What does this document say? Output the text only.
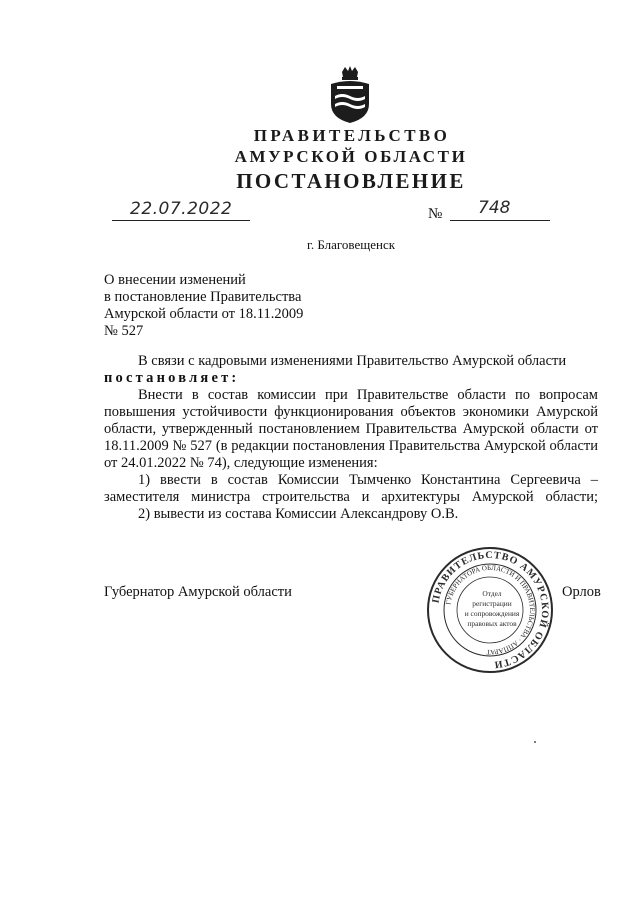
ПРАВИТЕЛЬСТВО
АМУРСКОЙ ОБЛАСТИ
ПОСТАНОВЛЕНИЕ
22.07.2022	№ 748
г. Благовещенск
О внесении изменений
в постановление Правительства
Амурской области от 18.11.2009
№ 527

В связи с кадровыми изменениями Правительство Амурской области

постановляет:

Внести в состав комиссии при Правительстве области по вопросам повышения устойчивости функционирования объектов экономики Амурской области, утвержденный постановлением Правительства Амурской области от 18.11.2009 № 527 (в редакции постановления Правительства Амурской области от 24.01.2022 № 74), следующие изменения:

1) ввести в состав Комиссии Тымченко Константина Сергеевича – заместителя министра строительства и архитектуры Амурской области;

2) вывести из состава Комиссии Александрову О.В.

Губернатор Амурской области	Орлов
ПРАВИТЕЛЬСТВО АМУРСКОЙ ОБЛАСТИ
ГУБЕРНАТОРА ОБЛАСТИ И ПРАВИТЕЛЬСТВА · АППАРАТ
Отдел
регистрации
и сопровождения
правовых актов
